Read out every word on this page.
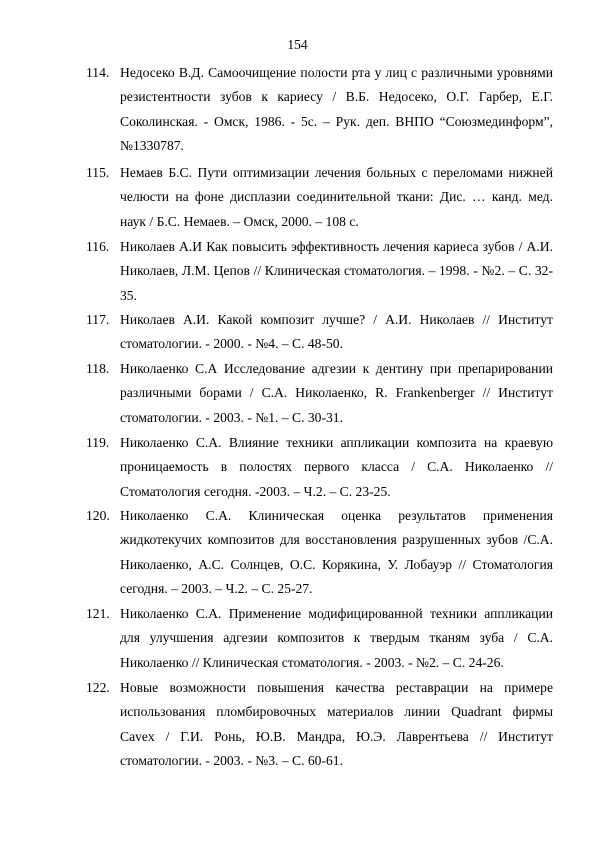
154
114. Недосеко В.Д. Самоочищение полости рта у лиц с различными уровнями резистентности зубов к кариесу / В.Б. Недосеко, О.Г. Гарбер, Е.Г. Соколинская. - Омск, 1986. - 5с. – Рук. деп. ВНПО “Союзмединформ”, №1330787.
115. Немаев Б.С. Пути оптимизации лечения больных с переломами нижней челюсти на фоне дисплазии соединительной ткани: Дис. … канд. мед. наук / Б.С. Немаев. – Омск, 2000. – 108 с.
116. Николаев А.И Как повысить эффективность лечения кариеса зубов / А.И. Николаев, Л.М. Цепов // Клиническая стоматология. – 1998. - №2. – С. 32-35.
117. Николаев А.И. Какой композит лучше? / А.И. Николаев // Институт стоматологии. - 2000. - №4. – С. 48-50.
118. Николаенко С.А Исследование адгезии к дентину при препарировании различными борами / С.А. Николаенко, R. Frankenberger // Институт стоматологии. - 2003. - №1. – С. 30-31.
119. Николаенко С.А. Влияние техники аппликации композита на краевую проницаемость в полостях первого класса / С.А. Николаенко // Стоматология сегодня. -2003. – Ч.2. – С. 23-25.
120. Николаенко С.А. Клиническая оценка результатов применения жидкотекучих композитов для восстановления разрушенных зубов /С.А. Николаенко, А.С. Солнцев, О.С. Корякина, У. Лобауэр // Стоматология сегодня. – 2003. – Ч.2. – С. 25-27.
121. Николаенко С.А. Применение модифицированной техники аппликации для улучшения адгезии композитов к твердым тканям зуба / С.А. Николаенко // Клиническая стоматология. - 2003. - №2. – С. 24-26.
122. Новые возможности повышения качества реставрации на примере использования пломбировочных материалов линии Quadrant фирмы Cavex / Г.И. Ронь, Ю.В. Мандра, Ю.Э. Лаврентьева // Институт стоматологии. - 2003. - №3. – С. 60-61.
